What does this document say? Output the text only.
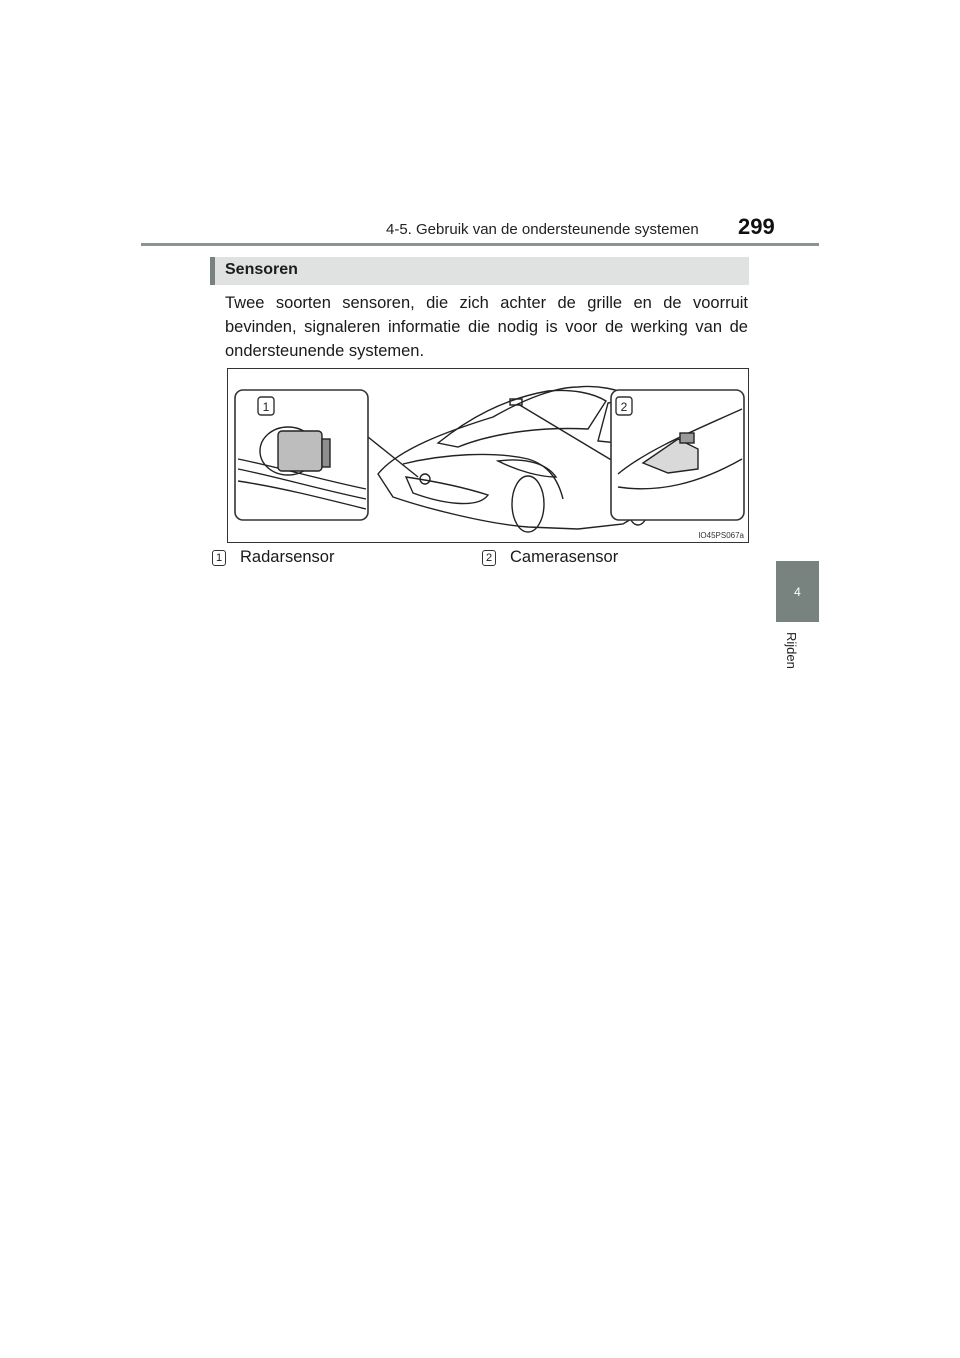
4-5. Gebruik van de ondersteunende systemen 299
4
Rijden
Sensoren
Twee soorten sensoren, die zich achter de grille en de voorruit bevinden, signaleren informatie die nodig is voor de werking van de ondersteunende systemen.
1	2
IO45PS067a
1 Radarsensor	2 Camerasensor
